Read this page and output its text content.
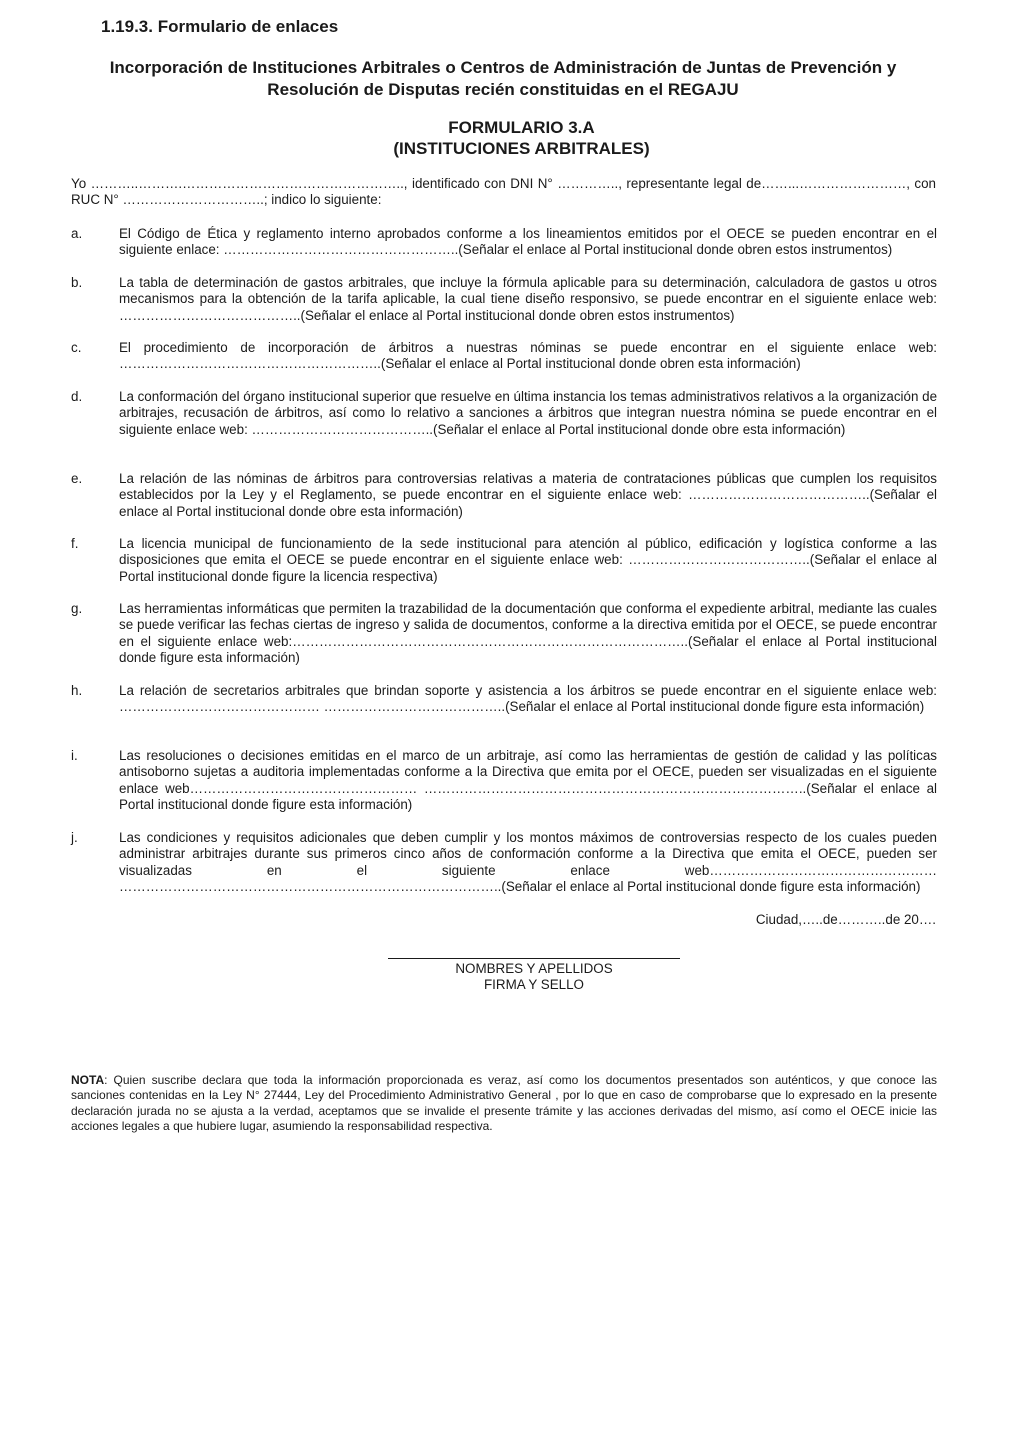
1.19.3. Formulario de enlaces
Incorporación de Instituciones Arbitrales o Centros de Administración de Juntas de Prevención y
Resolución de Disputas recién constituidas en el REGAJU
FORMULARIO 3.A
(INSTITUCIONES ARBITRALES)

Yo ………..……….………………………………………….., identificado con DNI N° ………….., representante legal de……...……………………, con RUC N° …………………………..; indico lo siguiente:

a.	El Código de Ética y reglamento interno aprobados conforme a los lineamientos emitidos por el OECE se pueden encontrar en el siguiente enlace: ……………………………………………..(Señalar el enlace al Portal institucional donde obren estos instrumentos)
b.	La tabla de determinación de gastos arbitrales, que incluye la fórmula aplicable para su determinación, calculadora de gastos u otros mecanismos para la obtención de la tarifa aplicable, la cual tiene diseño responsivo, se puede encontrar en el siguiente enlace web: …………………………………..(Señalar el enlace al Portal institucional donde obren estos instrumentos)
c.	El procedimiento de incorporación de árbitros a nuestras nóminas se puede encontrar en el siguiente enlace web: …………………………………………………..(Señalar el enlace al Portal institucional donde obren esta información)
d.	La conformación del órgano institucional superior que resuelve en última instancia los temas administrativos relativos a la organización de arbitrajes, recusación de árbitros, así como lo relativo a sanciones a árbitros que integran nuestra nómina se puede encontrar en el siguiente enlace web: …………………………………..(Señalar el enlace al Portal institucional donde obre esta información)
e.	La relación de las nóminas de árbitros para controversias relativas a materia de contrataciones públicas que cumplen los requisitos establecidos por la Ley y el Reglamento, se puede encontrar en el siguiente enlace web: …………………………………..(Señalar el enlace al Portal institucional donde obre esta información)
f.	La licencia municipal de funcionamiento de la sede institucional para atención al público, edificación y logística conforme a las disposiciones que emita el OECE se puede encontrar en el siguiente enlace web: …………………………………..(Señalar el enlace al Portal institucional donde figure la licencia respectiva)
g.	Las herramientas informáticas que permiten la trazabilidad de la documentación que conforma el expediente arbitral, mediante las cuales se puede verificar las fechas ciertas de ingreso y salida de documentos, conforme a la directiva emitida por el OECE, se puede encontrar en el siguiente enlace web:……………………………………………………………………………..(Señalar el enlace al Portal institucional donde figure esta información)
h.	La relación de secretarios arbitrales que brindan soporte y asistencia a los árbitros se puede encontrar en el siguiente enlace web: ……………………………………… …………………………………..(Señalar el enlace al Portal institucional donde figure esta información)
i.	Las resoluciones o decisiones emitidas en el marco de un arbitraje, así como las herramientas de gestión de calidad y las políticas antisoborno sujetas a auditoria implementadas conforme a la Directiva que emita por el OECE, pueden ser visualizadas en el siguiente enlace web…………………………………………… …………………………………………………………………………..(Señalar el enlace al Portal institucional donde figure esta información)
j.	Las condiciones y requisitos adicionales que deben cumplir y los montos máximos de controversias respecto de los cuales pueden administrar arbitrajes durante sus primeros cinco años de conformación conforme a la Directiva que emita el OECE, pueden ser visualizadas en el siguiente enlace web…………………………………………… …………………………………………………………………………..(Señalar el enlace al Portal institucional donde figure esta información)
Ciudad,…..de………..de 20….
NOMBRES Y APELLIDOS
FIRMA Y SELLO

NOTA: Quien suscribe declara que toda la información proporcionada es veraz, así como los documentos presentados son auténticos, y que conoce las sanciones contenidas en la Ley N° 27444, Ley del Procedimiento Administrativo General , por lo que en caso de comprobarse que lo expresado en la presente declaración jurada no se ajusta a la verdad, aceptamos que se invalide el presente trámite y las acciones derivadas del mismo, así como el OECE inicie las acciones legales a que hubiere lugar, asumiendo la responsabilidad respectiva.
